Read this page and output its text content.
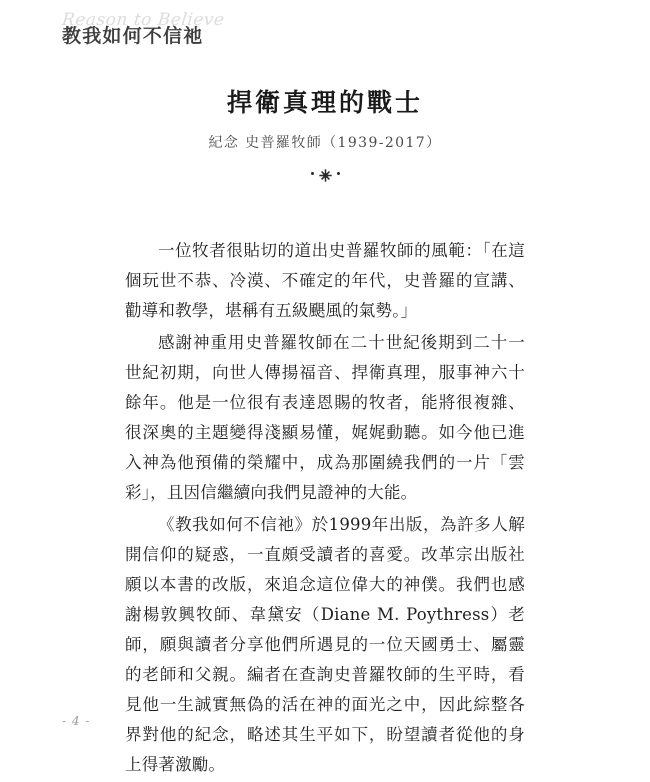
Reason to Believe
教我如何不信祂
捍衛真理的戰士
紀念 史普羅牧師（1939-2017）

一位牧者很貼切的道出史普羅牧師的風範：「在這個玩世不恭、冷漠、不確定的年代，史普羅的宣講、勸導和教學，堪稱有五級颶風的氣勢。」

感謝神重用史普羅牧師在二十世紀後期到二十一世紀初期，向世人傳揚福音、捍衛真理，服事神六十餘年。他是一位很有表達恩賜的牧者，能將很複雜、很深奧的主題變得淺顯易懂，娓娓動聽。如今他已進入神為他預備的榮耀中，成為那圍繞我們的一片「雲彩」，且因信繼續向我們見證神的大能。

《教我如何不信祂》於1999年出版，為許多人解開信仰的疑惑，一直頗受讀者的喜愛。改革宗出版社願以本書的改版，來追念這位偉大的神僕。我們也感謝楊敦興牧師、韋黛安（Diane M. Poythress）老師，願與讀者分享他們所遇見的一位天國勇士、屬靈的老師和父親。編者在查詢史普羅牧師的生平時，看見他一生誠實無偽的活在神的面光之中，因此綜整各界對他的紀念，略述其生平如下，盼望讀者從他的身上得著激勵。

- 4 -
